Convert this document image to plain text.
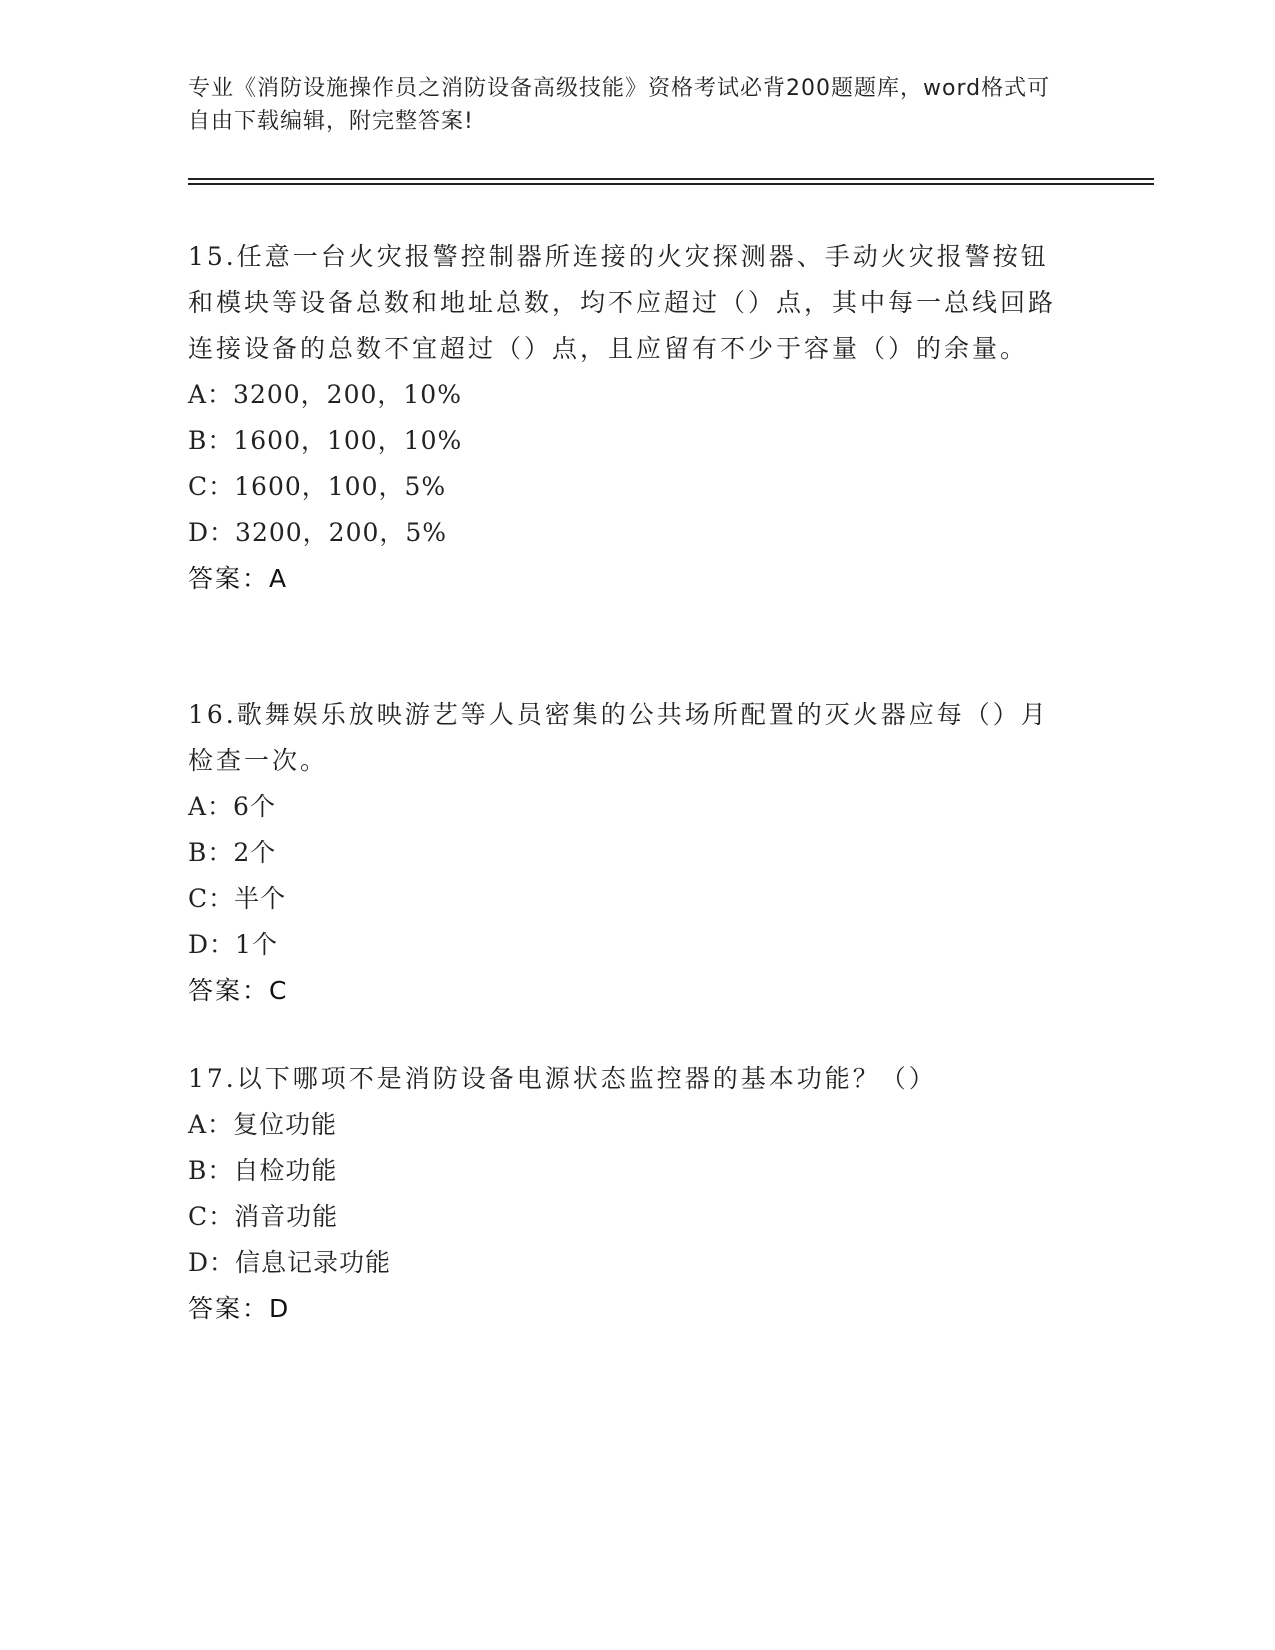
专业《消防设施操作员之消防设备高级技能》资格考试必背200题题库，word格式可自由下载编辑，附完整答案!
15.任意一台火灾报警控制器所连接的火灾探测器、手动火灾报警按钮和模块等设备总数和地址总数，均不应超过（）点，其中每一总线回路连接设备的总数不宜超过（）点，且应留有不少于容量（）的余量。
A：3200，200，10%
B：1600，100，10%
C：1600，100，5%
D：3200，200，5%
答案：A
16.歌舞娱乐放映游艺等人员密集的公共场所配置的灭火器应每（）月检查一次。
A：6个
B：2个
C：半个
D：1个
答案：C
17.以下哪项不是消防设备电源状态监控器的基本功能？（）
A：复位功能
B：自检功能
C：消音功能
D：信息记录功能
答案：D
